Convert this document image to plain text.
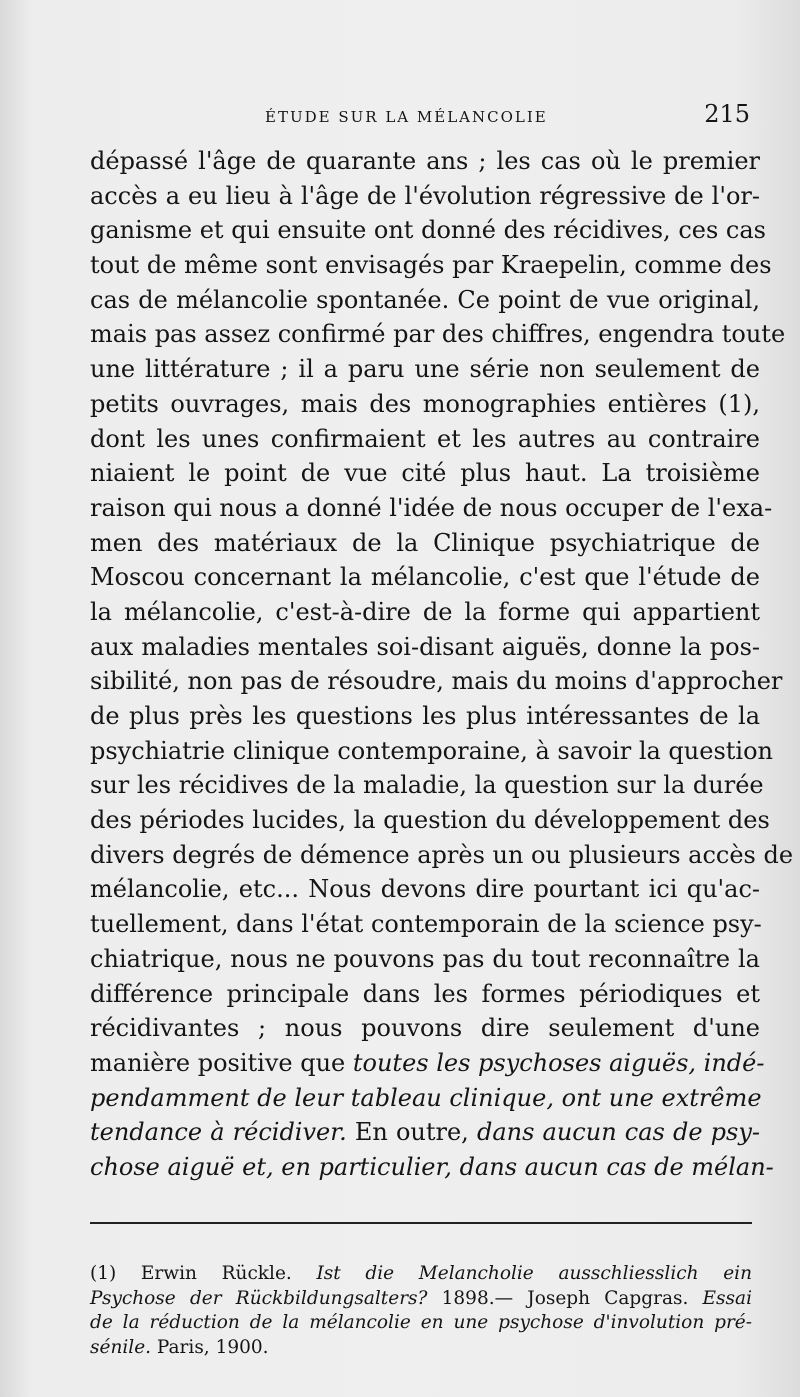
ÉTUDE SUR LA MÉLANCOLIE	215
dépassé l'âge de quarante ans ; les cas où le premier
accès a eu lieu à l'âge de l'évolution régressive de l'or-
ganisme et qui ensuite ont donné des récidives, ces cas
tout de même sont envisagés par Kraepelin, comme des
cas de mélancolie spontanée. Ce point de vue original,
mais pas assez confirmé par des chiffres, engendra toute
une littérature ; il a paru une série non seulement de
petits ouvrages, mais des monographies entières (1),
dont les unes confirmaient et les autres au contraire
niaient le point de vue cité plus haut. La troisième
raison qui nous a donné l'idée de nous occuper de l'exa-
men des matériaux de la Clinique psychiatrique de
Moscou concernant la mélancolie, c'est que l'étude de
la mélancolie, c'est-à-dire de la forme qui appartient
aux maladies mentales soi-disant aiguës, donne la pos-
sibilité, non pas de résoudre, mais du moins d'approcher
de plus près les questions les plus intéressantes de la
psychiatrie clinique contemporaine, à savoir la question
sur les récidives de la maladie, la question sur la durée
des périodes lucides, la question du développement des
divers degrés de démence après un ou plusieurs accès de
mélancolie, etc... Nous devons dire pourtant ici qu'ac-
tuellement, dans l'état contemporain de la science psy-
chiatrique, nous ne pouvons pas du tout reconnaître la
différence principale dans les formes périodiques et
récidivantes ; nous pouvons dire seulement d'une
manière positive que toutes les psychoses aiguës, indé-
pendamment de leur tableau clinique, ont une extrême
tendance à récidiver. En outre, dans aucun cas de psy-
chose aiguë et, en particulier, dans aucun cas de mélan-
(1) Erwin Rückle. Ist die Melancholie ausschliesslich ein
Psychose der Rückbildungsalters? 1898.— Joseph Capgras. Essai
de la réduction de la mélancolie en une psychose d'involution pré-
sénile. Paris, 1900.
